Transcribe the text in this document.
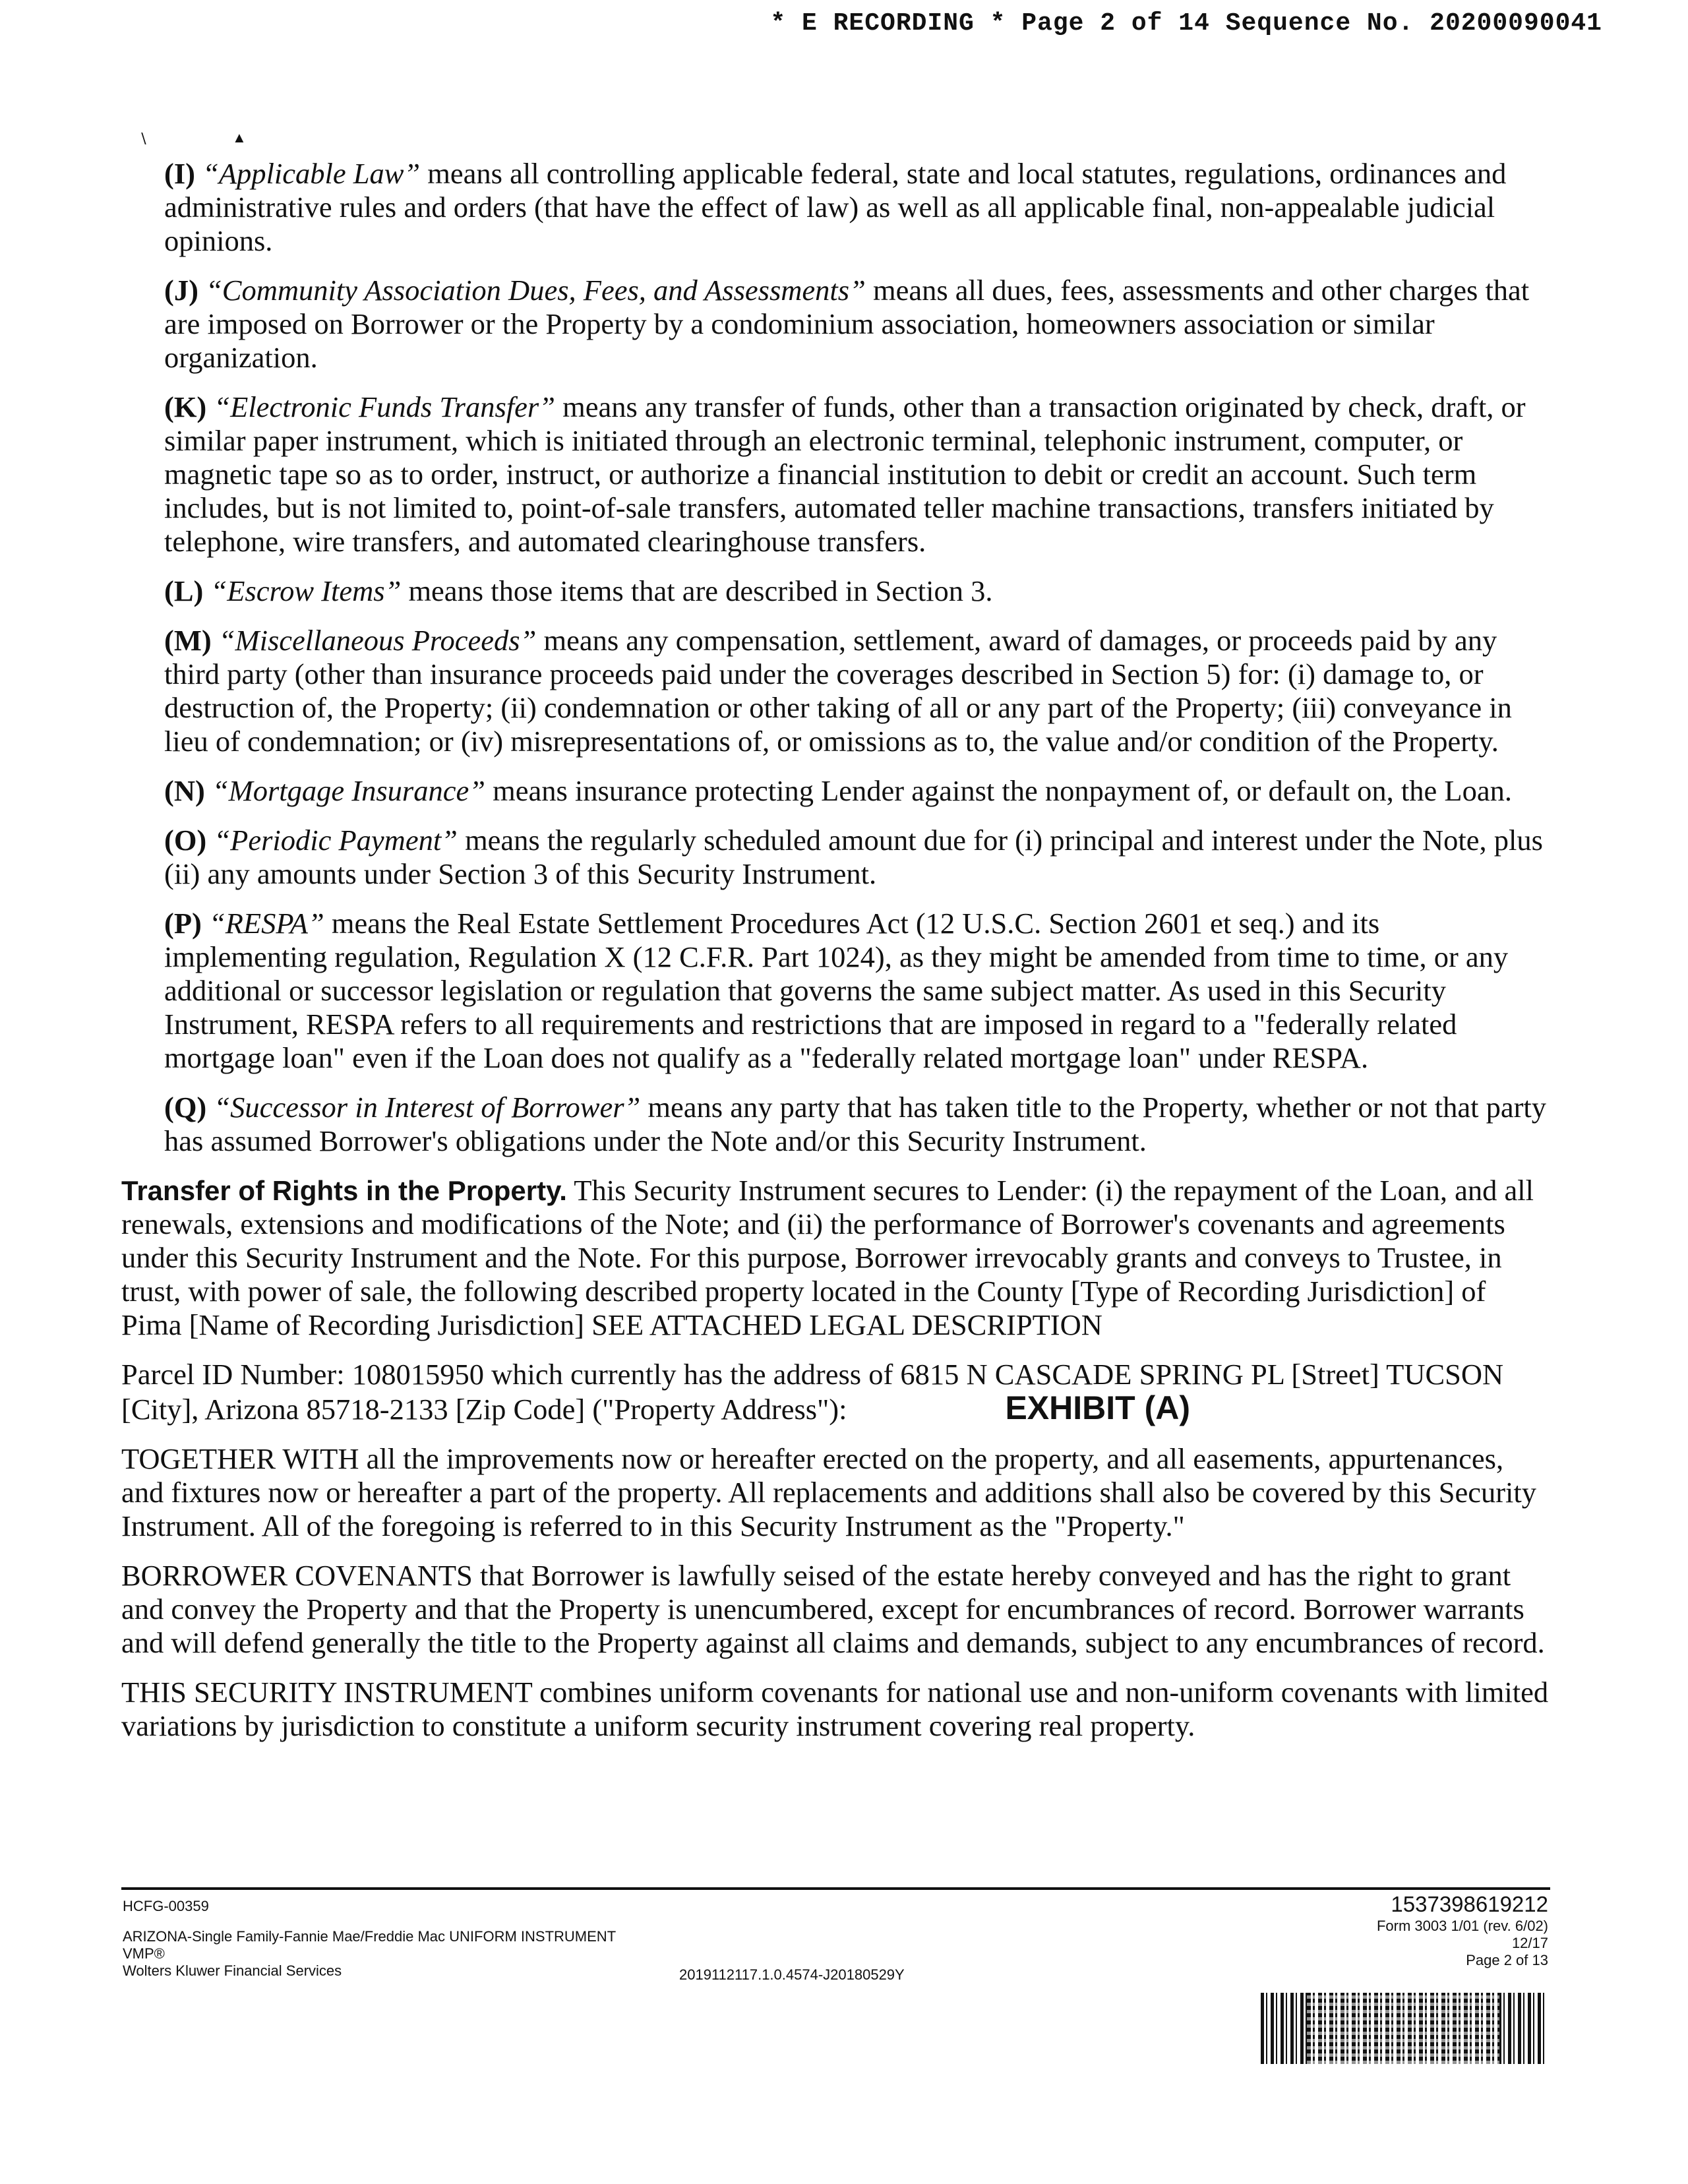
* E RECORDING * Page 2 of 14 Sequence No. 20200090041
∖	▲
(I) “Applicable Law” means all controlling applicable federal, state and local statutes, regulations, ordinances and administrative rules and orders (that have the effect of law) as well as all applicable final, non-appealable judicial opinions.
(J) “Community Association Dues, Fees, and Assessments” means all dues, fees, assessments and other charges that are imposed on Borrower or the Property by a condominium association, homeowners association or similar organization.
(K) “Electronic Funds Transfer” means any transfer of funds, other than a transaction originated by check, draft, or similar paper instrument, which is initiated through an electronic terminal, telephonic instrument, computer, or magnetic tape so as to order, instruct, or authorize a financial institution to debit or credit an account. Such term includes, but is not limited to, point-of-sale transfers, automated teller machine transactions, transfers initiated by telephone, wire transfers, and automated clearinghouse transfers.
(L) “Escrow Items” means those items that are described in Section 3.
(M) “Miscellaneous Proceeds” means any compensation, settlement, award of damages, or proceeds paid by any third party (other than insurance proceeds paid under the coverages described in Section 5) for: (i) damage to, or destruction of, the Property; (ii) condemnation or other taking of all or any part of the Property; (iii) conveyance in lieu of condemnation; or (iv) misrepresentations of, or omissions as to, the value and/or condition of the Property.
(N) “Mortgage Insurance” means insurance protecting Lender against the nonpayment of, or default on, the Loan.
(O) “Periodic Payment” means the regularly scheduled amount due for (i) principal and interest under the Note, plus (ii) any amounts under Section 3 of this Security Instrument.
(P) “RESPA” means the Real Estate Settlement Procedures Act (12 U.S.C. Section 2601 et seq.) and its implementing regulation, Regulation X (12 C.F.R. Part 1024), as they might be amended from time to time, or any additional or successor legislation or regulation that governs the same subject matter. As used in this Security Instrument, RESPA refers to all requirements and restrictions that are imposed in regard to a "federally related mortgage loan" even if the Loan does not qualify as a "federally related mortgage loan" under RESPA.
(Q) “Successor in Interest of Borrower” means any party that has taken title to the Property, whether or not that party has assumed Borrower's obligations under the Note and/or this Security Instrument.
Transfer of Rights in the Property. This Security Instrument secures to Lender: (i) the repayment of the Loan, and all renewals, extensions and modifications of the Note; and (ii) the performance of Borrower's covenants and agreements under this Security Instrument and the Note. For this purpose, Borrower irrevocably grants and conveys to Trustee, in trust, with power of sale, the following described property located in the County [Type of Recording Jurisdiction] of Pima [Name of Recording Jurisdiction] SEE ATTACHED LEGAL DESCRIPTION
Parcel ID Number: 108015950 which currently has the address of 6815 N CASCADE SPRING PL [Street] TUCSON [City], Arizona 85718-2133 [Zip Code] ("Property Address"):	EXHIBIT (A)
TOGETHER WITH all the improvements now or hereafter erected on the property, and all easements, appurtenances, and fixtures now or hereafter a part of the property. All replacements and additions shall also be covered by this Security Instrument. All of the foregoing is referred to in this Security Instrument as the "Property."
BORROWER COVENANTS that Borrower is lawfully seised of the estate hereby conveyed and has the right to grant and convey the Property and that the Property is unencumbered, except for encumbrances of record. Borrower warrants and will defend generally the title to the Property against all claims and demands, subject to any encumbrances of record.
THIS SECURITY INSTRUMENT combines uniform covenants for national use and non-uniform covenants with limited variations by jurisdiction to constitute a uniform security instrument covering real property.
HCFG-00359
ARIZONA-Single Family-Fannie Mae/Freddie Mac UNIFORM INSTRUMENT
VMP®
Wolters Kluwer Financial Services	2019112117.1.0.4574-J20180529Y
1537398619212
Form 3003 1/01 (rev. 6/02)
12/17
Page 2 of 13
